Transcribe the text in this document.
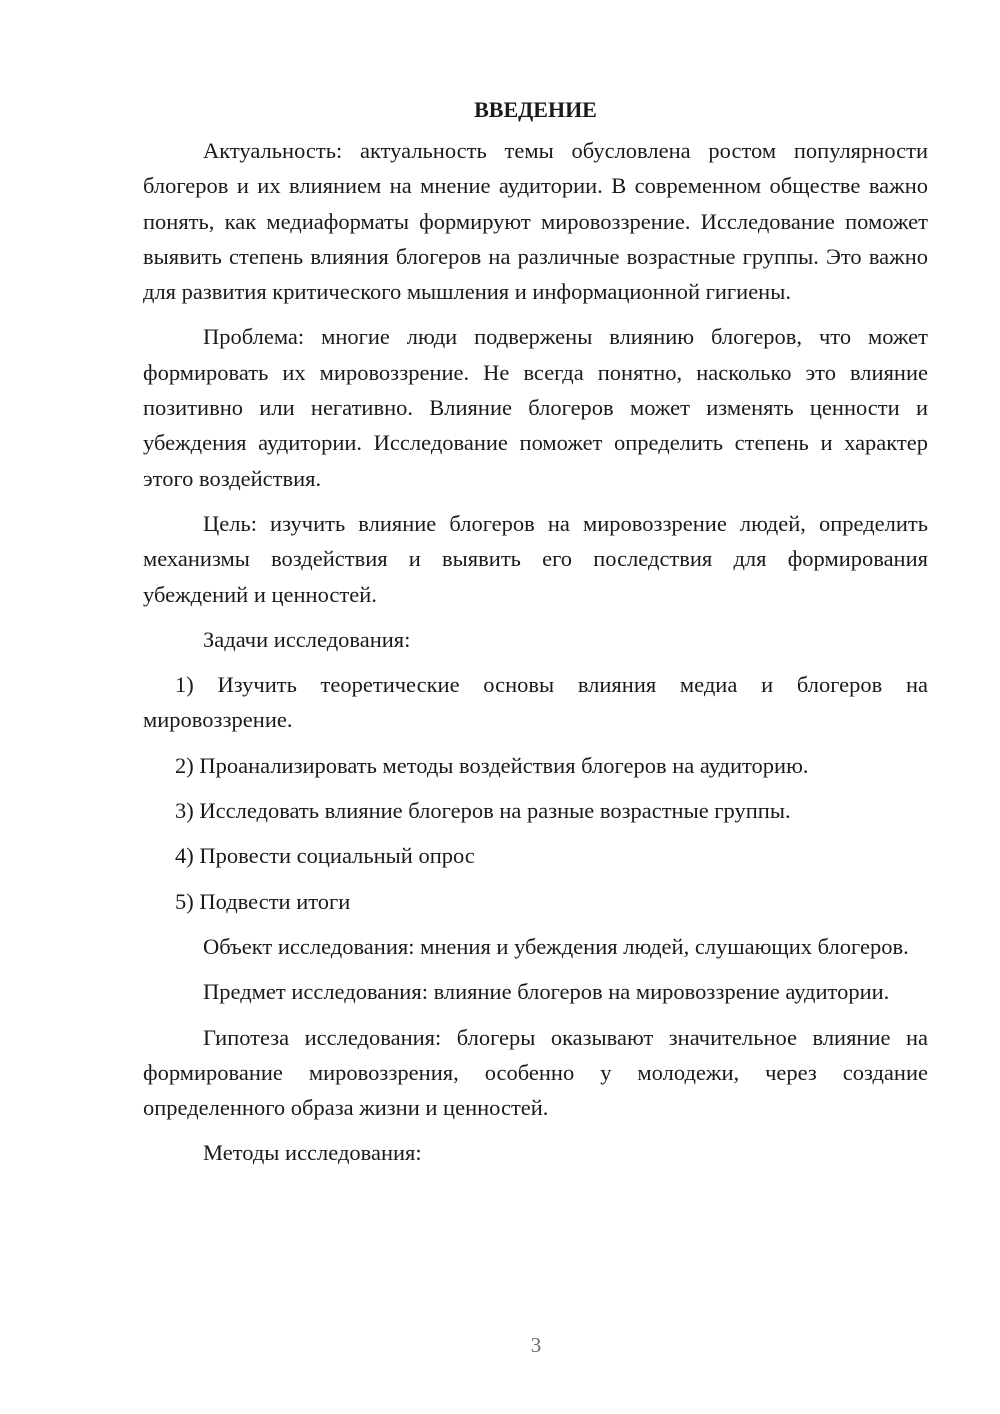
ВВЕДЕНИЕ

Актуальность: актуальность темы обусловлена ростом популярности блогеров и их влиянием на мнение аудитории. В современном обществе важно понять, как медиаформаты формируют мировоззрение. Исследование поможет выявить степень влияния блогеров на различные возрастные группы. Это важно для развития критического мышления и информационной гигиены.

Проблема: многие люди подвержены влиянию блогеров, что может формировать их мировоззрение. Не всегда понятно, насколько это влияние позитивно или негативно. Влияние блогеров может изменять ценности и убеждения аудитории. Исследование поможет определить степень и характер этого воздействия.

Цель: изучить влияние блогеров на мировоззрение людей, определить механизмы воздействия и выявить его последствия для формирования убеждений и ценностей.

Задачи исследования:

1) Изучить теоретические основы влияния медиа и блогеров на мировоззрение.

2) Проанализировать методы воздействия блогеров на аудиторию.

3) Исследовать влияние блогеров на разные возрастные группы.

4) Провести социальный опрос

5) Подвести итоги

Объект исследования: мнения и убеждения людей, слушающих блогеров.

Предмет исследования: влияние блогеров на мировоззрение аудитории.

Гипотеза исследования: блогеры оказывают значительное влияние на формирование мировоззрения, особенно у молодежи, через создание определенного образа жизни и ценностей.

Методы исследования:

3
